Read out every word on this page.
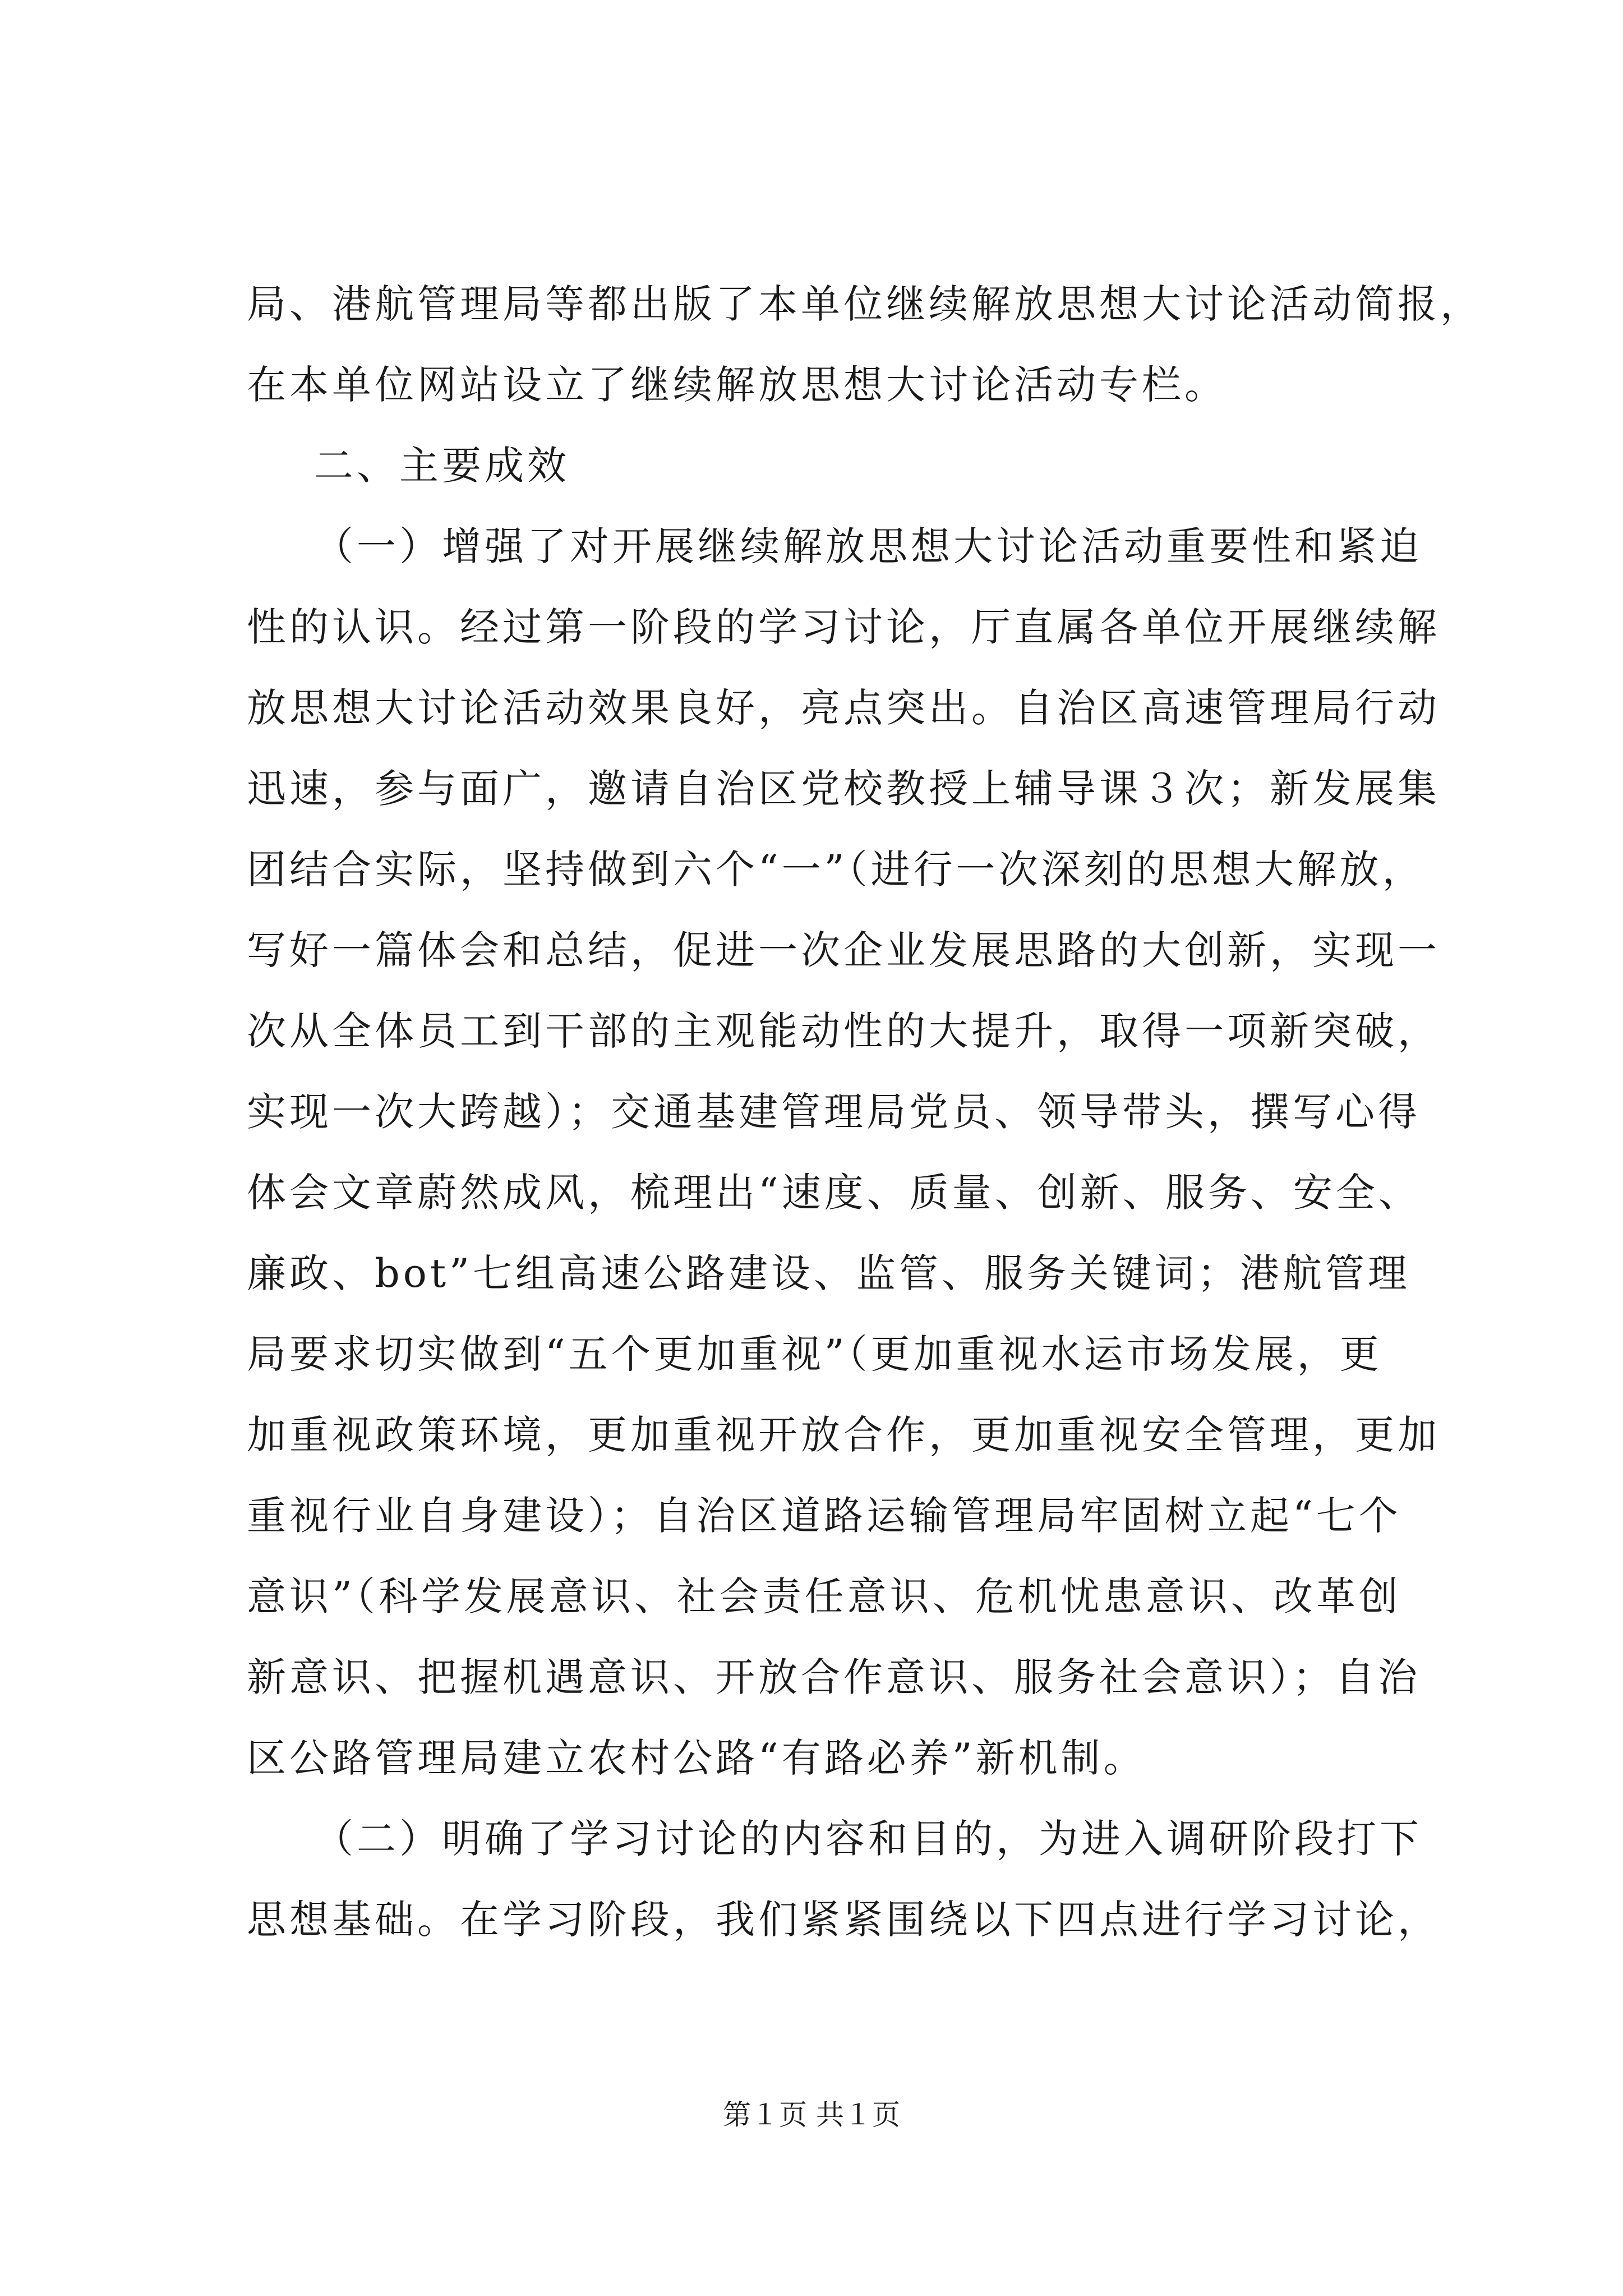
局、港航管理局等都出版了本单位继续解放思想大讨论活动简报，
在本单位网站设立了继续解放思想大讨论活动专栏。
二、主要成效
（一）增强了对开展继续解放思想大讨论活动重要性和紧迫
性的认识。经过第一阶段的学习讨论，厅直属各单位开展继续解
放思想大讨论活动效果良好，亮点突出。自治区高速管理局行动
迅速，参与面广，邀请自治区党校教授上辅导课３次；新发展集
团结合实际，坚持做到六个“一”（进行一次深刻的思想大解放，
写好一篇体会和总结，促进一次企业发展思路的大创新，实现一
次从全体员工到干部的主观能动性的大提升，取得一项新突破，
实现一次大跨越）；交通基建管理局党员、领导带头，撰写心得
体会文章蔚然成风，梳理出“速度、质量、创新、服务、安全、
廉政、bot”七组高速公路建设、监管、服务关键词；港航管理
局要求切实做到“五个更加重视”（更加重视水运市场发展，更
加重视政策环境，更加重视开放合作，更加重视安全管理，更加
重视行业自身建设）；自治区道路运输管理局牢固树立起“七个
意识”（科学发展意识、社会责任意识、危机忧患意识、改革创
新意识、把握机遇意识、开放合作意识、服务社会意识）；自治
区公路管理局建立农村公路“有路必养”新机制。
（二）明确了学习讨论的内容和目的，为进入调研阶段打下
思想基础。在学习阶段，我们紧紧围绕以下四点进行学习讨论，
第１页 共１页
